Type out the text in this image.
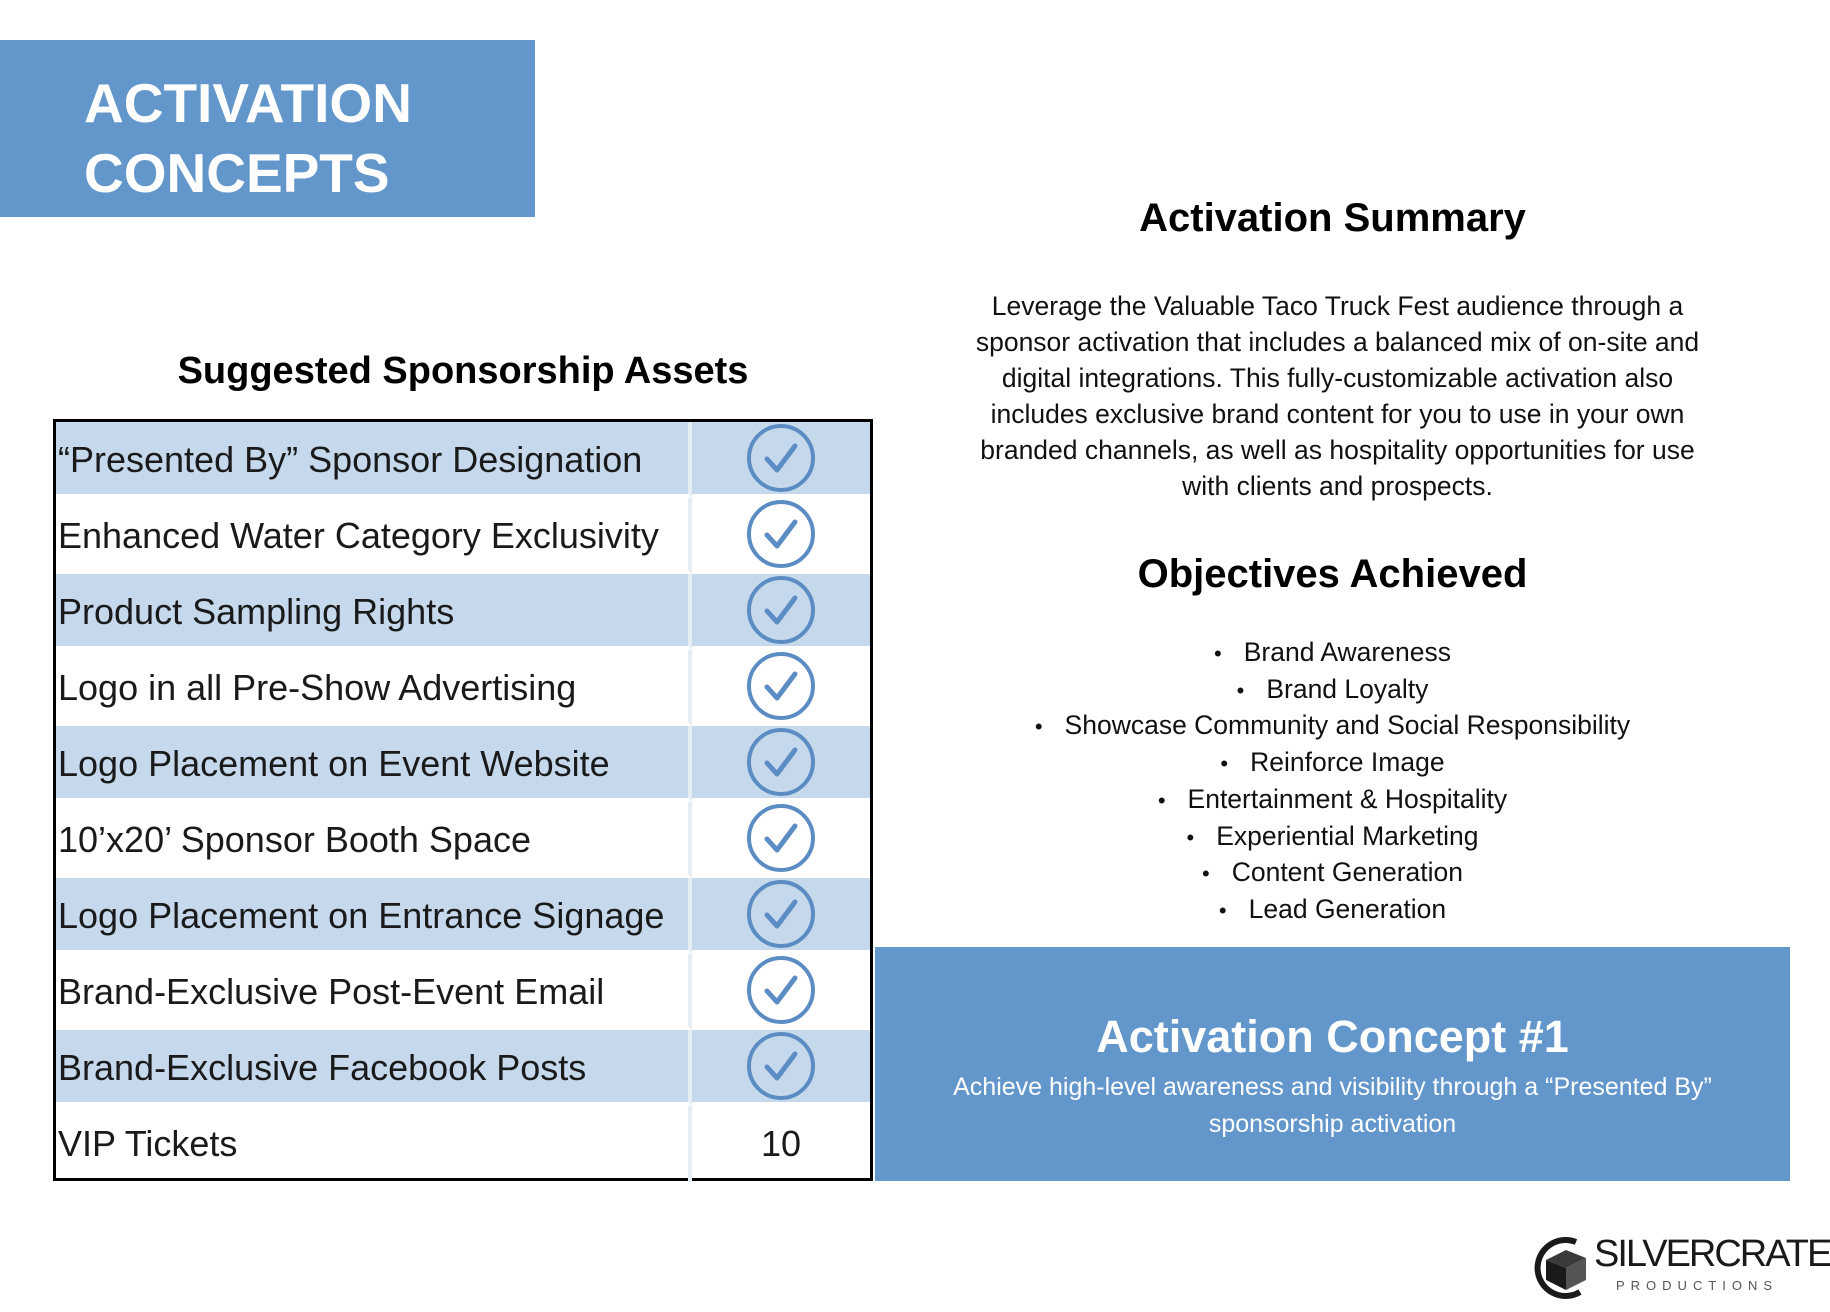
ACTIVATION
CONCEPTS
Suggested Sponsorship Assets
“Presented By” Sponsor Designation
Enhanced Water Category Exclusivity
Product Sampling Rights
Logo in all Pre-Show Advertising
Logo Placement on Event Website
10’x20’ Sponsor Booth Space
Logo Placement on Entrance Signage
Brand-Exclusive Post-Event Email
Brand-Exclusive Facebook Posts
VIP Tickets	10
Activation Summary

Leverage the Valuable Taco Truck Fest audience through a sponsor activation that includes a balanced mix of on-site and digital integrations. This fully-customizable activation also includes exclusive brand content for you to use in your own branded channels, as well as hospitality opportunities for use with clients and prospects.

Objectives Achieved
• Brand Awareness
• Brand Loyalty
• Showcase Community and Social Responsibility
• Reinforce Image
• Entertainment & Hospitality
• Experiential Marketing
• Content Generation
• Lead Generation
Activation Concept #1
Achieve high-level awareness and visibility through a “Presented By” sponsorship activation
SILVERCRATE
PRODUCTIONS
